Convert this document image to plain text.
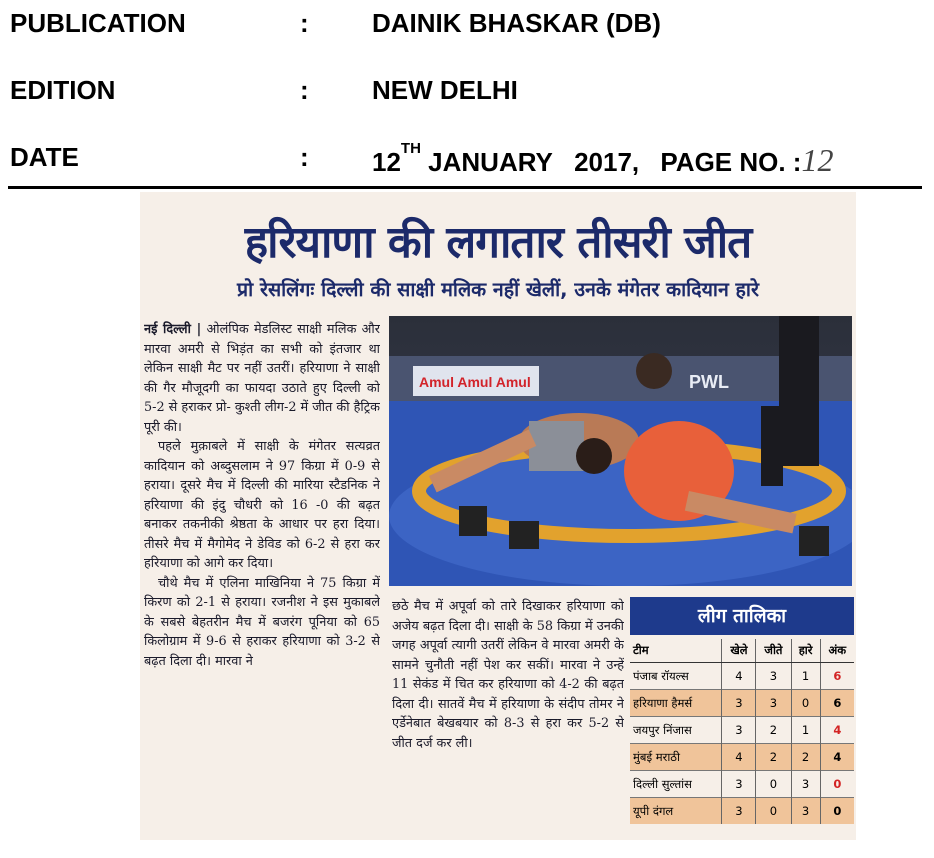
PUBLICATION	: DAINIK BHASKAR (DB)
EDITION	: NEW DELHI
DATE	: 12TH JANUARY   2017, PAGE NO. :12
हरियाणा की लगातार तीसरी जीत
प्रो रेसलिंगः दिल्ली की साक्षी मलिक नहीं खेलीं, उनके मंगेतर कादियान हारे

नई दिल्ली | ओलंपिक मेडलिस्ट साक्षी मलिक और मारवा अमरी से भिड़ंत का सभी को इंतजार था लेकिन साक्षी मैट पर नहीं उतरीं। हरियाणा ने साक्षी की गैर मौजूदगी का फायदा उठाते हुए दिल्ली को 5-2 से हराकर प्रो- कुश्ती लीग-2 में जीत की हैट्रिक पूरी की।

पहले मुक़ाबले में साक्षी के मंगेतर सत्यव्रत कादियान को अब्दुसलाम ने 97 किग्रा में 0-9 से हराया। दूसरे मैच में दिल्ली की मारिया स्टैडनिक ने हरियाणा की इंदु चौधरी को 16 -0 की बढ़त बनाकर तकनीकी श्रेष्ठता के आधार पर हरा दिया। तीसरे मैच में मैगोमेद ने डेविड को 6-2 से हरा कर हरियाणा को आगे कर दिया।

चौथे मैच में एलिना माखिनिया ने 75 किग्रा में किरण को 2-1 से हराया। रजनीश ने इस मुकाबले के सबसे बेहतरीन मैच में बजरंग पूनिया को 65 किलोग्राम में 9-6 से हराकर हरियाणा को 3-2 से बढ़त दिला दी। मारवा ने

Amul Amul Amul	PWL

छठे मैच में अपूर्वा को तारे दिखाकर हरियाणा को अजेय बढ़त दिला दी। साक्षी के 58 किग्रा में उनकी जगह अपूर्वा त्यागी उतरीं लेकिन वे मारवा अमरी के सामने चुनौती नहीं पेश कर सकीं। मारवा ने उन्हें 11 सेकंड में चित कर हरियाणा को 4-2 की बढ़त दिला दी। सातवें मैच में हरियाणा के संदीप तोमर ने एर्डेनेबात बेखबयार को 8-3 से हरा कर 5-2 से जीत दर्ज कर ली।

लीग तालिका
टीम	खेले	जीते	हारे	अंक
पंजाब रॉयल्स	4	3	1	6
हरियाणा हैमर्स	3	3	0	6
जयपुर निंजास	3	2	1	4
मुंबई मराठी	4	2	2	4
दिल्ली सुल्तांस	3	0	3	0
यूपी दंगल	3	0	3	0
